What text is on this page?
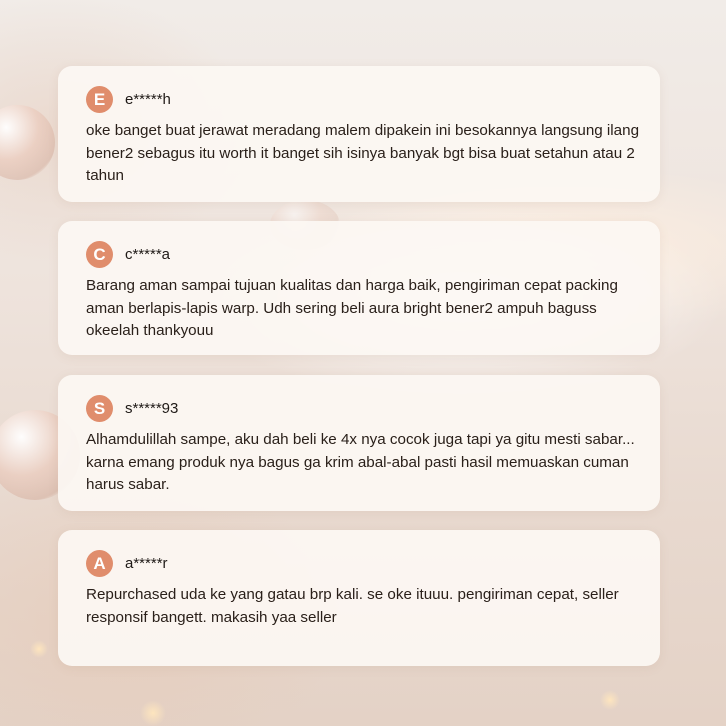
E	e*****h

oke banget buat jerawat meradang malem dipakein ini besokannya langsung ilang bener2 sebagus itu worth it banget sih isinya banyak bgt bisa buat setahun atau 2 tahun

C	c*****a

Barang aman sampai tujuan kualitas dan harga baik, pengiriman cepat packing aman berlapis-lapis warp. Udh sering beli aura bright bener2 ampuh baguss okeelah thankyouu

S	s*****93

Alhamdulillah sampe, aku dah beli ke 4x nya cocok juga tapi ya gitu mesti sabar... karna emang produk nya bagus ga krim abal-abal pasti hasil memuaskan cuman harus sabar.

A	a*****r

Repurchased uda ke yang gatau brp kali. se oke ituuu. pengiriman cepat, seller responsif bangett. makasih yaa seller
